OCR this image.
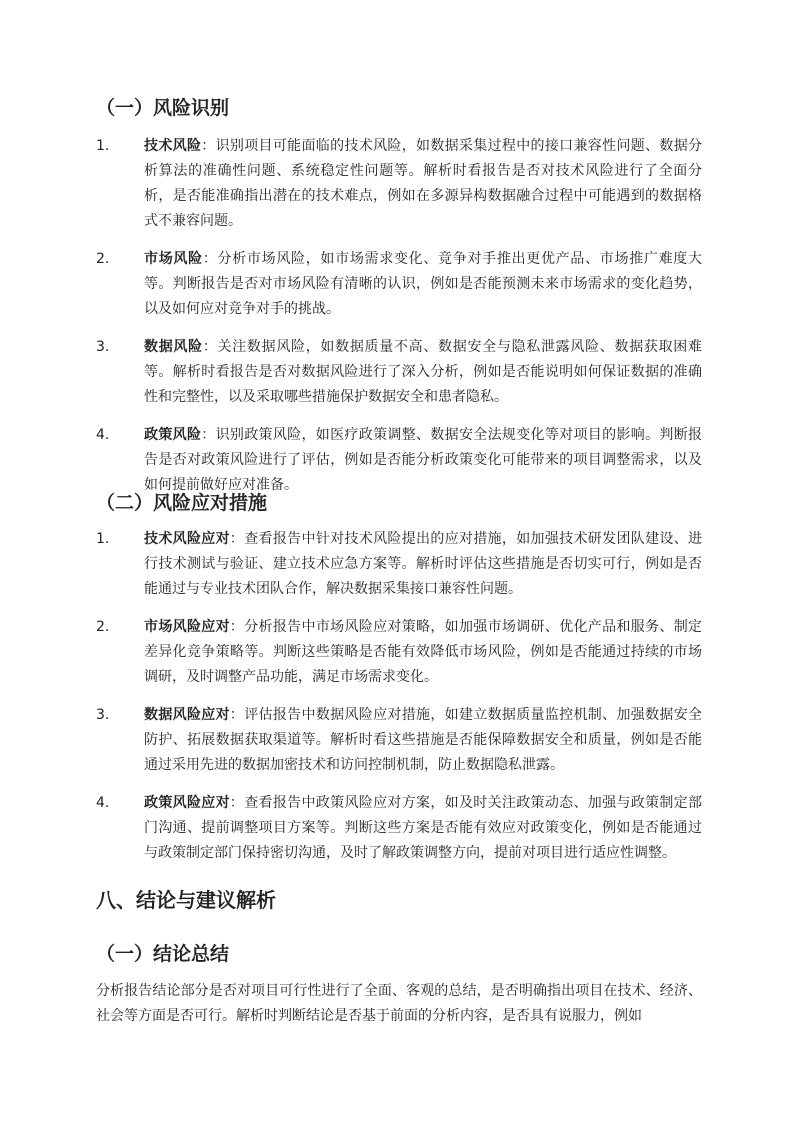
（一）风险识别
1.	技术风险：识别项目可能面临的技术风险，如数据采集过程中的接口兼容性问题、数据分析算法的准确性问题、系统稳定性问题等。解析时看报告是否对技术风险进行了全面分析，是否能准确指出潜在的技术难点，例如在多源异构数据融合过程中可能遇到的数据格式不兼容问题。
2.	市场风险：分析市场风险，如市场需求变化、竞争对手推出更优产品、市场推广难度大等。判断报告是否对市场风险有清晰的认识，例如是否能预测未来市场需求的变化趋势，以及如何应对竞争对手的挑战。
3.	数据风险：关注数据风险，如数据质量不高、数据安全与隐私泄露风险、数据获取困难等。解析时看报告是否对数据风险进行了深入分析，例如是否能说明如何保证数据的准确性和完整性，以及采取哪些措施保护数据安全和患者隐私。
4.	政策风险：识别政策风险，如医疗政策调整、数据安全法规变化等对项目的影响。判断报告是否对政策风险进行了评估，例如是否能分析政策变化可能带来的项目调整需求，以及如何提前做好应对准备。
（二）风险应对措施
1.	技术风险应对：查看报告中针对技术风险提出的应对措施，如加强技术研发团队建设、进行技术测试与验证、建立技术应急方案等。解析时评估这些措施是否切实可行，例如是否能通过与专业技术团队合作，解决数据采集接口兼容性问题。
2.	市场风险应对：分析报告中市场风险应对策略，如加强市场调研、优化产品和服务、制定差异化竞争策略等。判断这些策略是否能有效降低市场风险，例如是否能通过持续的市场调研，及时调整产品功能，满足市场需求变化。
3.	数据风险应对：评估报告中数据风险应对措施，如建立数据质量监控机制、加强数据安全防护、拓展数据获取渠道等。解析时看这些措施是否能保障数据安全和质量，例如是否能通过采用先进的数据加密技术和访问控制机制，防止数据隐私泄露。
4.	政策风险应对：查看报告中政策风险应对方案，如及时关注政策动态、加强与政策制定部门沟通、提前调整项目方案等。判断这些方案是否能有效应对政策变化，例如是否能通过与政策制定部门保持密切沟通，及时了解政策调整方向，提前对项目进行适应性调整。
八、结论与建议解析
（一）结论总结

分析报告结论部分是否对项目可行性进行了全面、客观的总结，是否明确指出项目在技术、经济、社会等方面是否可行。解析时判断结论是否基于前面的分析内容，是否具有说服力，例如
